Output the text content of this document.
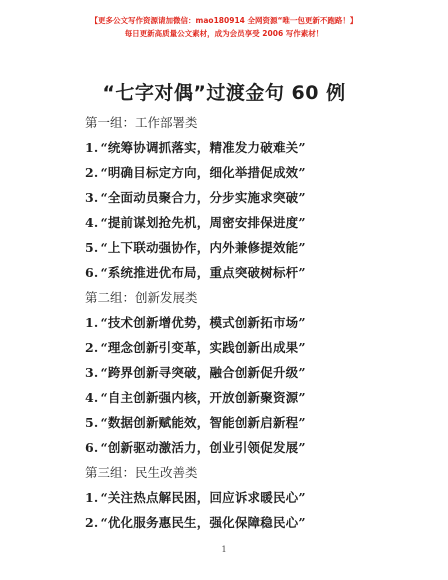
【更多公文写作资源请加微信：mao180914 全网资源“唯一包更新不跑路！】
每日更新高质量公文素材，成为会员享受 2006 写作素材！
“七字对偶”过渡金句 60 例
第一组：工作部署类
1. “统筹协调抓落实，精准发力破难关”
2. “明确目标定方向，细化举措促成效”
3. “全面动员聚合力，分步实施求突破”
4. “提前谋划抢先机，周密安排保进度”
5. “上下联动强协作，内外兼修提效能”
6. “系统推进优布局，重点突破树标杆”
第二组：创新发展类
1. “技术创新增优势，模式创新拓市场”
2. “理念创新引变革，实践创新出成果”
3. “跨界创新寻突破，融合创新促升级”
4. “自主创新强内核，开放创新聚资源”
5. “数据创新赋能效，智能创新启新程”
6. “创新驱动激活力，创业引领促发展”
第三组：民生改善类
1. “关注热点解民困，回应诉求暖民心”
2. “优化服务惠民生，强化保障稳民心”
1
